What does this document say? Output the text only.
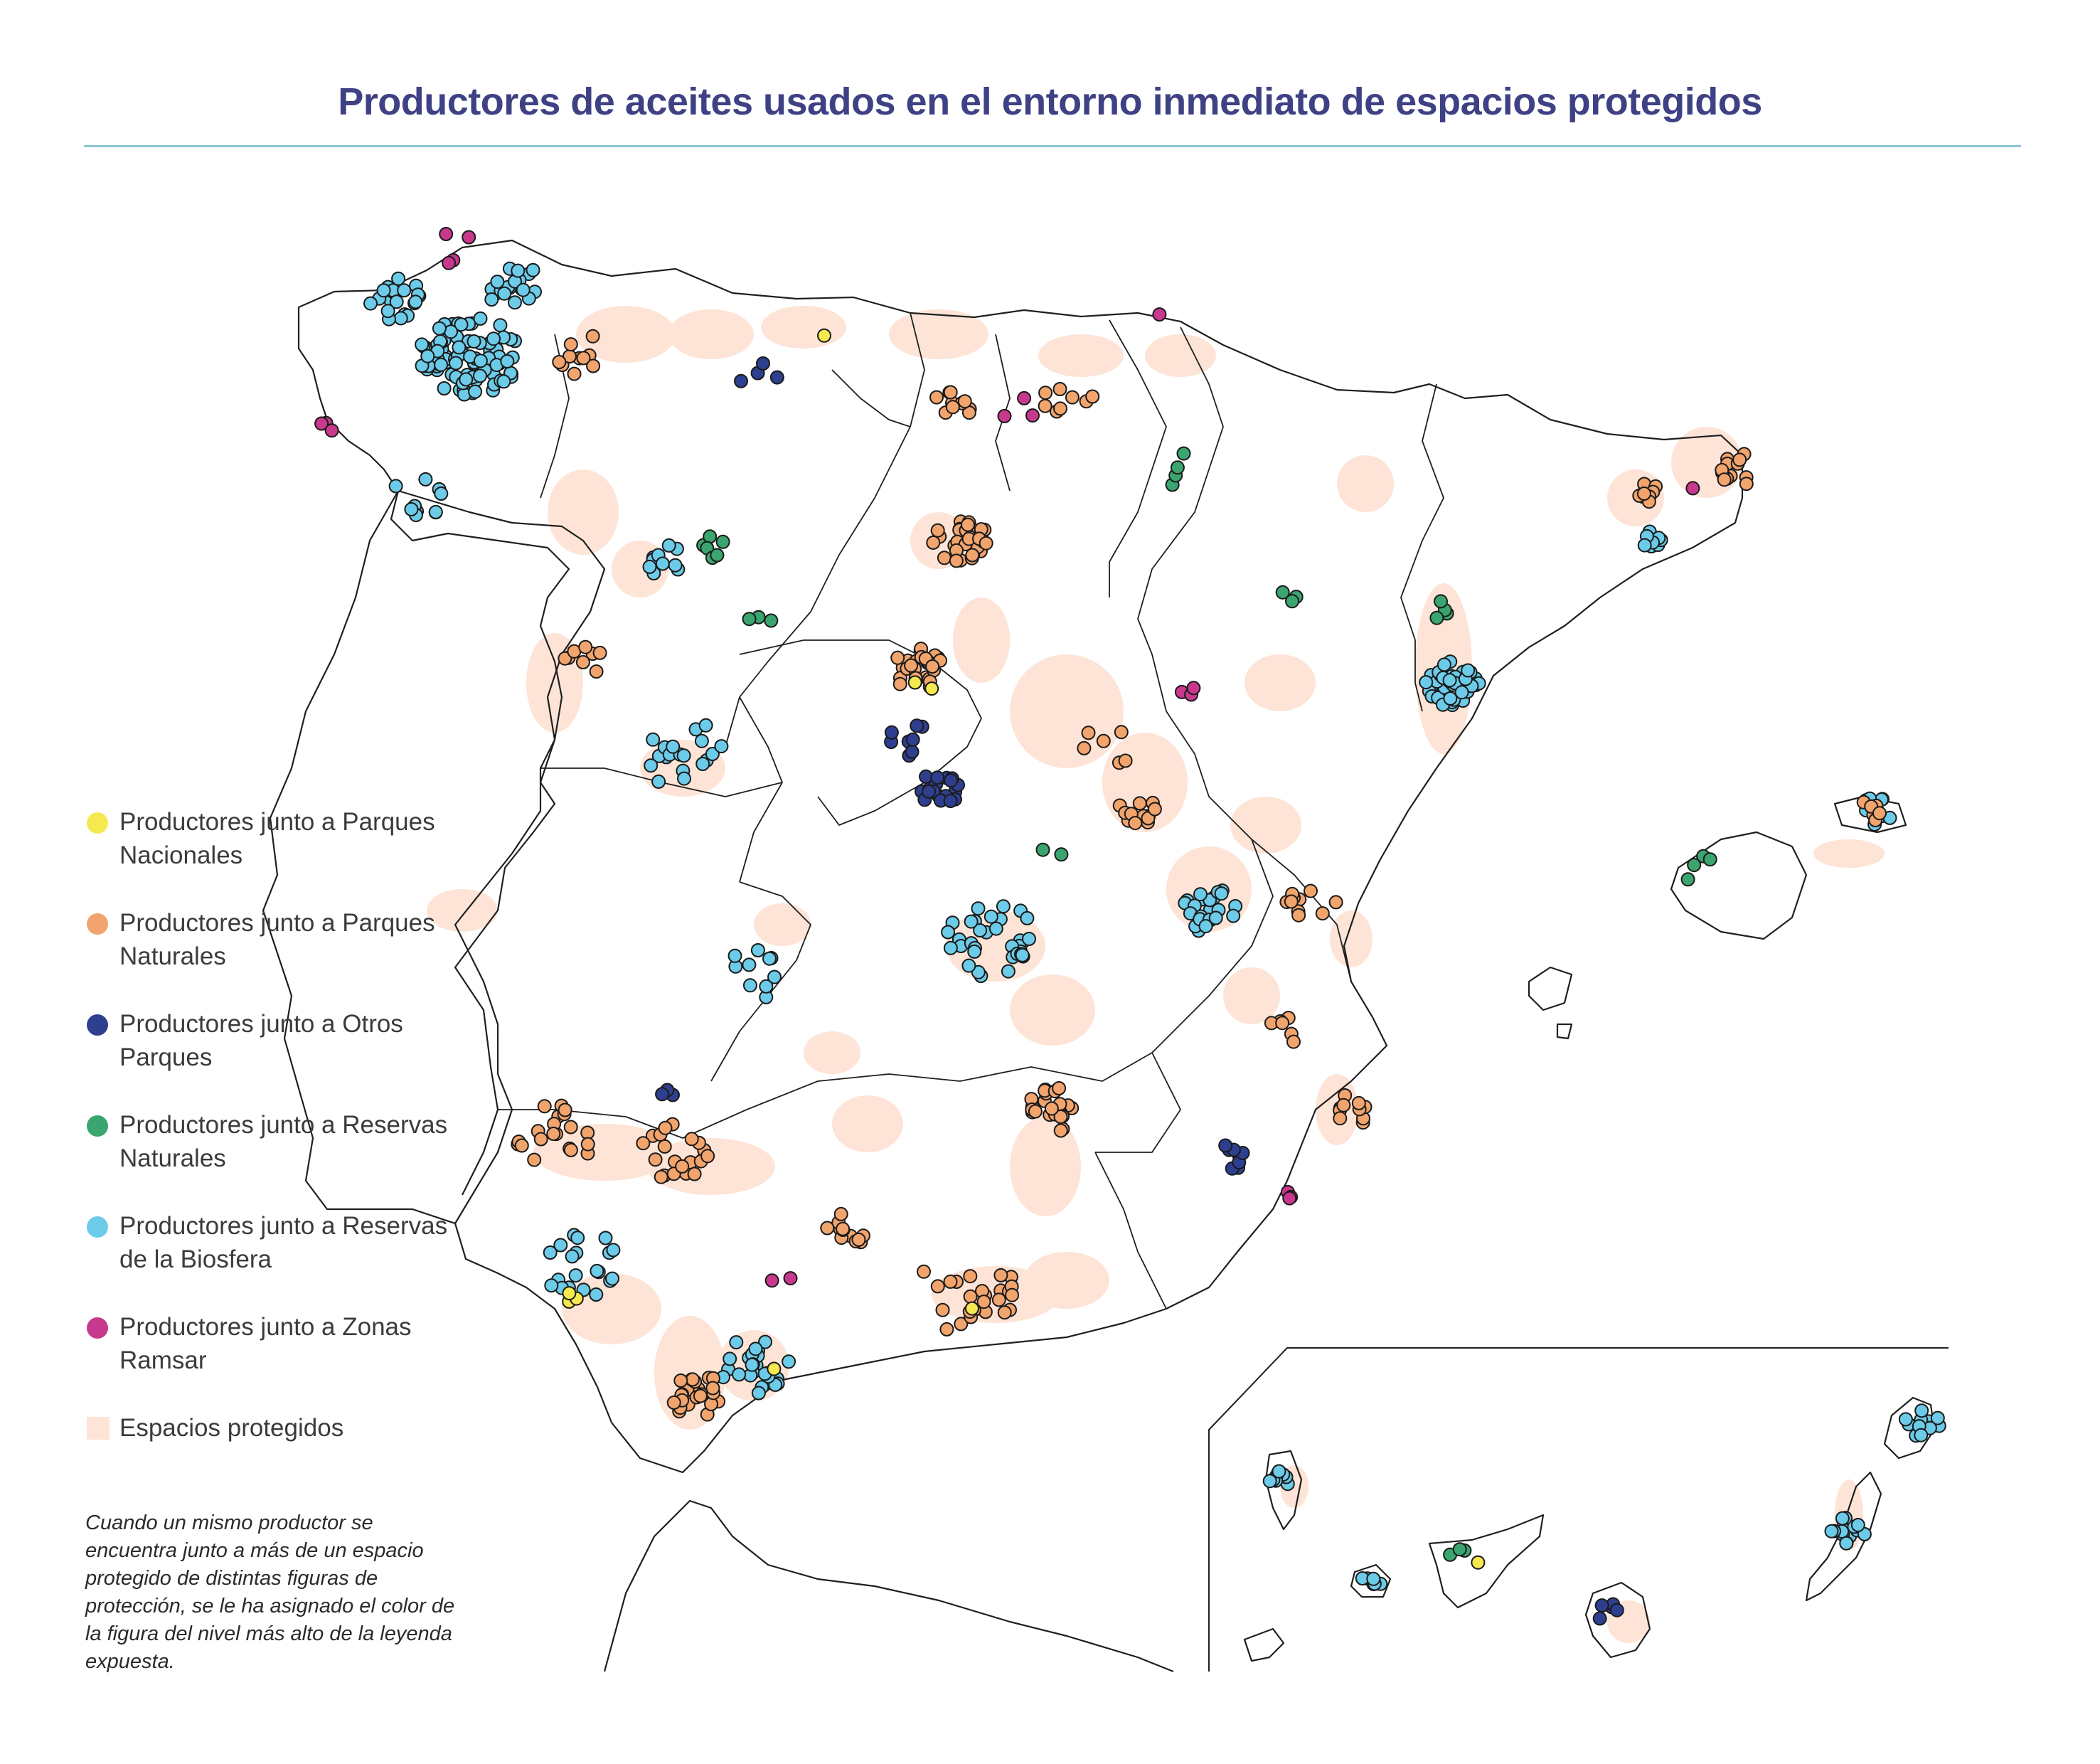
Productores de aceites usados en el entorno inmediato de espacios protegidos
Productores junto a Parques Nacionales
Productores junto a Parques Naturales
Productores junto a Otros Parques
Productores junto a Reservas Naturales
Productores junto a Reservas de la Biosfera
Productores junto a Zonas Ramsar
Espacios protegidos
Cuando un mismo productor se encuentra junto a más de un espacio protegido de distintas figuras de protección, se le ha asignado el color de la figura del nivel más alto de la leyenda expuesta.
